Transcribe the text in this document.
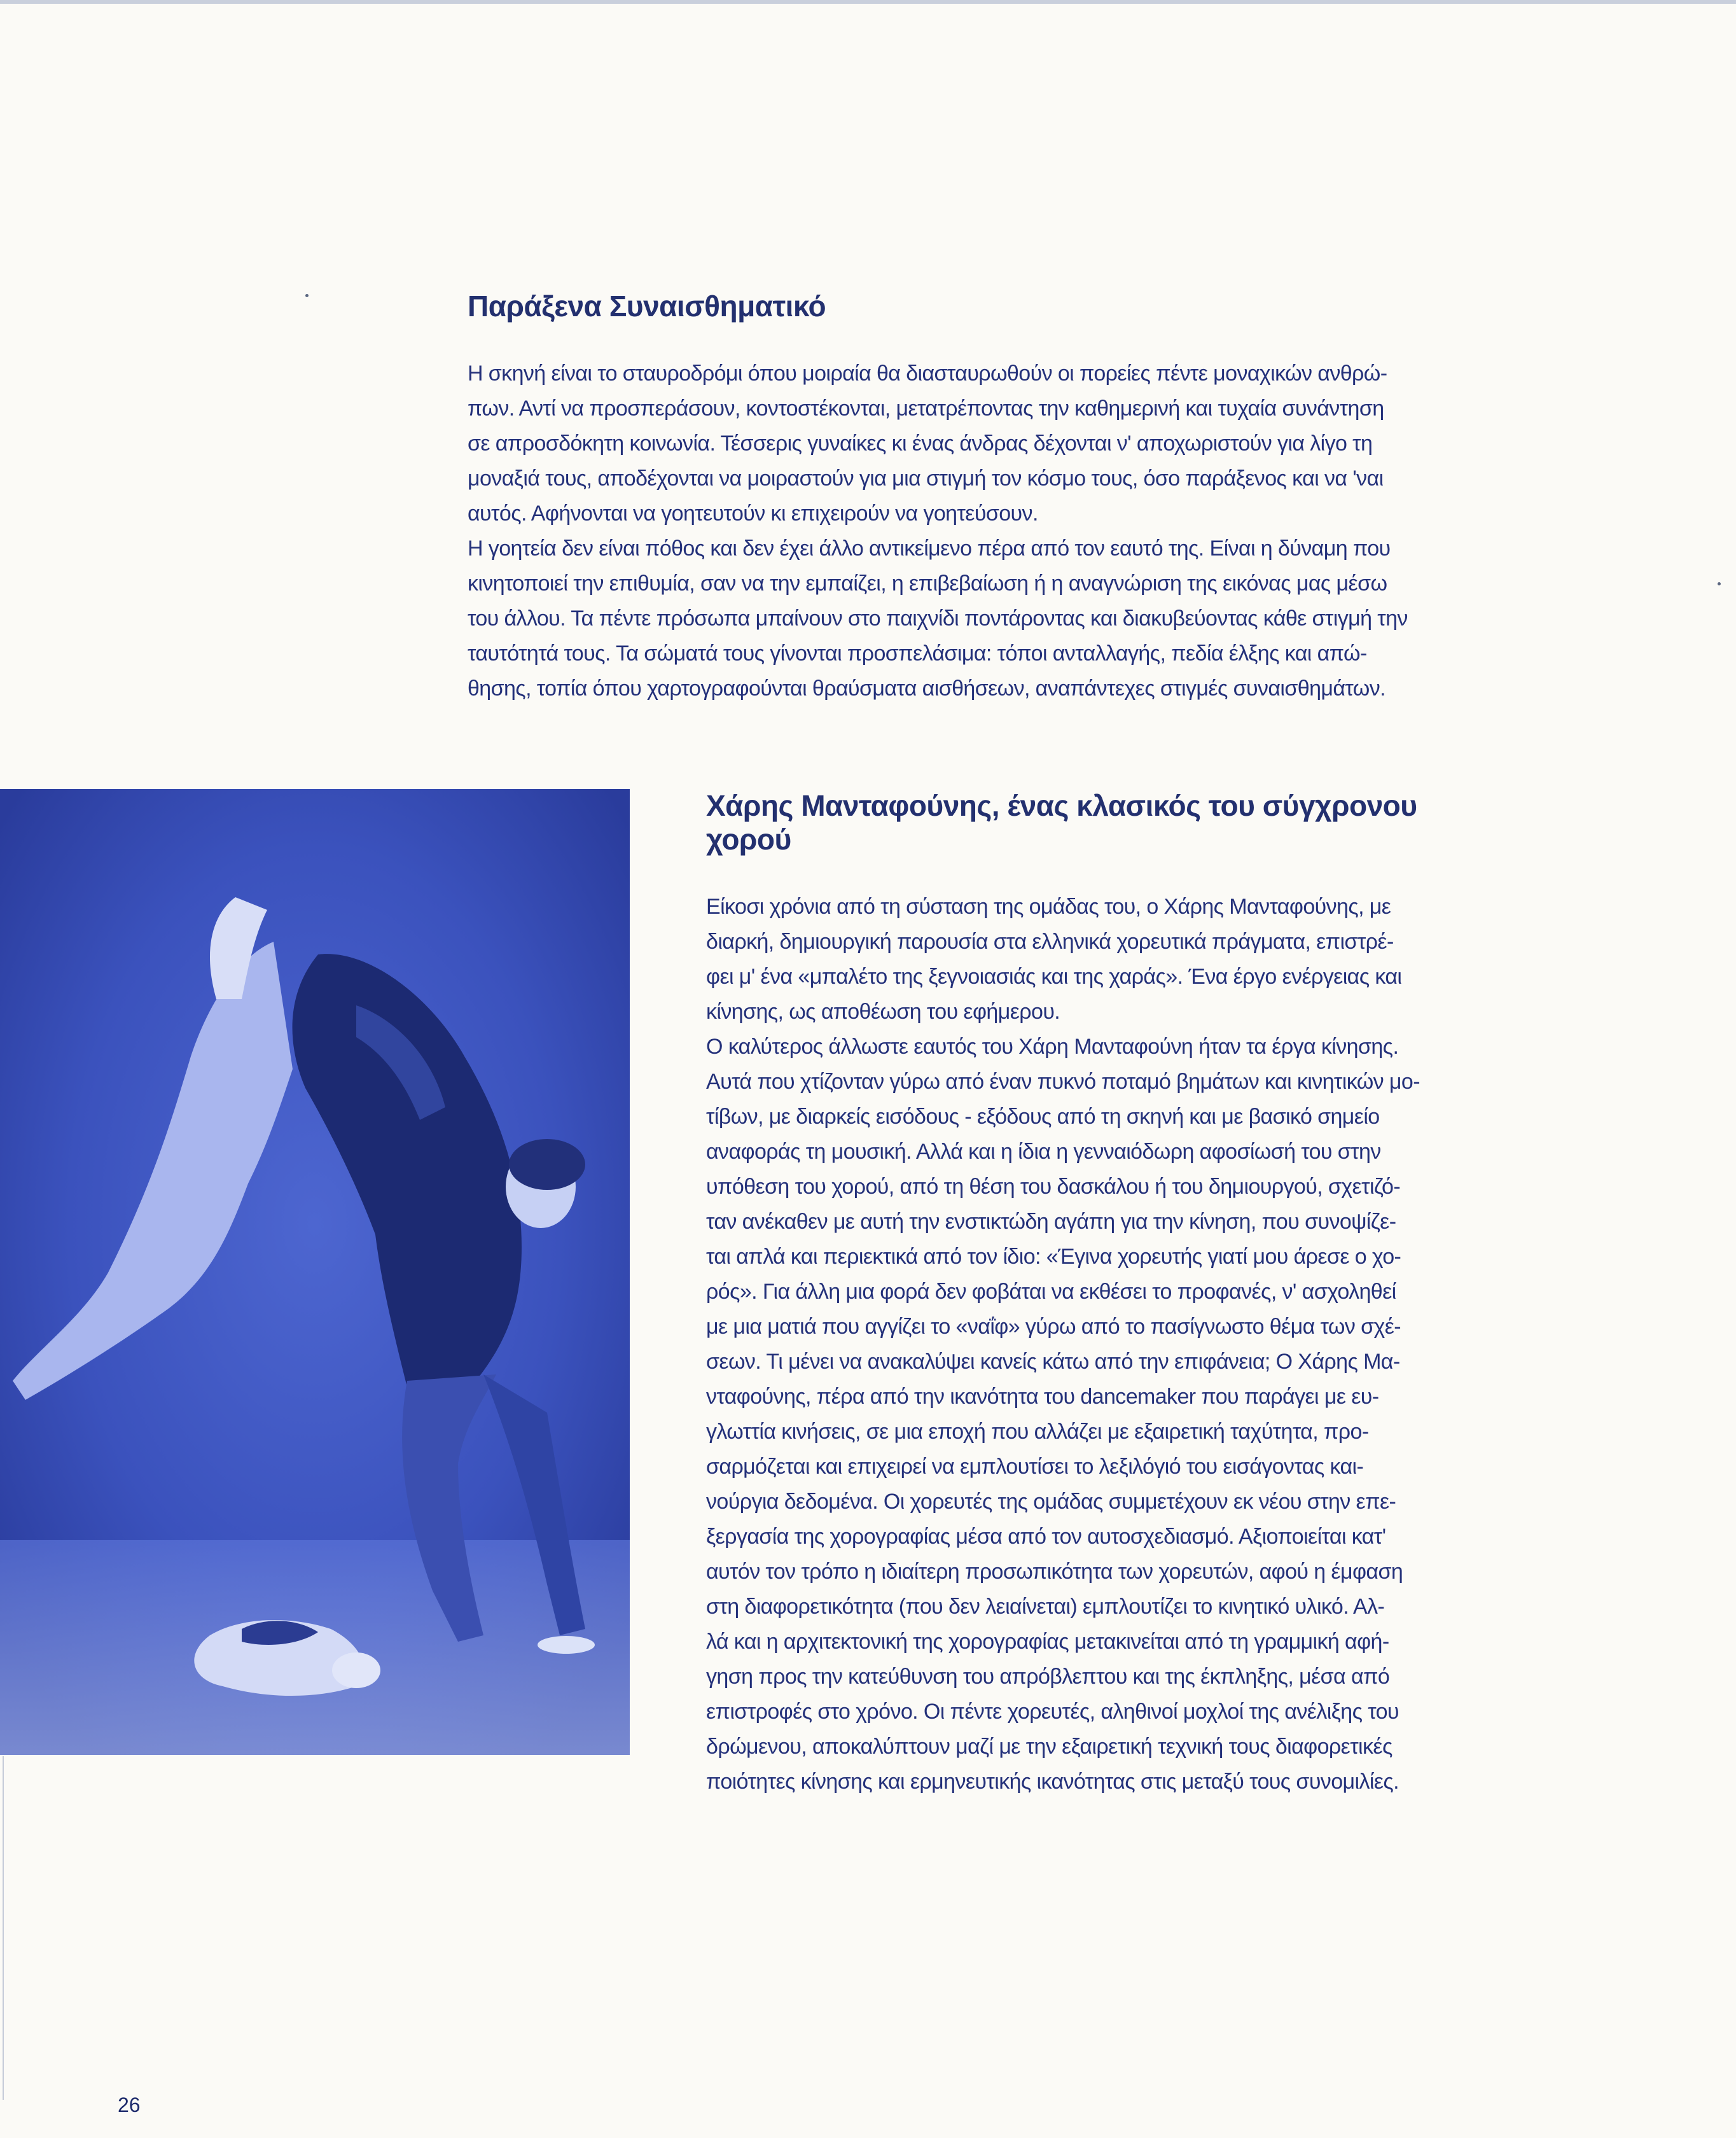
Παράξενα Συναισθηματικό
Η σκηνή είναι το σταυροδρόμι όπου μοιραία θα διασταυρωθούν οι πορείες πέντε μοναχικών ανθρώ-
πων. Αντί να προσπεράσουν, κοντοστέκονται, μετατρέποντας την καθημερινή και τυχαία συνάντηση
σε απροσδόκητη κοινωνία. Τέσσερις γυναίκες κι ένας άνδρας δέχονται ν' αποχωριστούν για λίγο τη
μοναξιά τους, αποδέχονται να μοιραστούν για μια στιγμή τον κόσμο τους, όσο παράξενος και να 'ναι
αυτός. Αφήνονται να γοητευτούν κι επιχειρούν να γοητεύσουν.
Η γοητεία δεν είναι πόθος και δεν έχει άλλο αντικείμενο πέρα από τον εαυτό της. Είναι η δύναμη που
κινητοποιεί την επιθυμία, σαν να την εμπαίζει, η επιβεβαίωση ή η αναγνώριση της εικόνας μας μέσω
του άλλου. Τα πέντε πρόσωπα μπαίνουν στο παιχνίδι ποντάροντας και διακυβεύοντας κάθε στιγμή την
ταυτότητά τους. Τα σώματά τους γίνονται προσπελάσιμα: τόποι ανταλλαγής, πεδία έλξης και απώ-
θησης, τοπία όπου χαρτογραφούνται θραύσματα αισθήσεων, αναπάντεχες στιγμές συναισθημάτων.
Χάρης Μανταφούνης, ένας κλασικός του σύγχρονου χορού
Είκοσι χρόνια από τη σύσταση της ομάδας του, ο Χάρης Μανταφούνης, με
διαρκή, δημιουργική παρουσία στα ελληνικά χορευτικά πράγματα, επιστρέ-
φει μ' ένα «μπαλέτο της ξεγνοιασιάς και της χαράς». Ένα έργο ενέργειας και
κίνησης, ως αποθέωση του εφήμερου.
Ο καλύτερος άλλωστε εαυτός του Χάρη Μανταφούνη ήταν τα έργα κίνησης.
Αυτά που χτίζονταν γύρω από έναν πυκνό ποταμό βημάτων και κινητικών μο-
τίβων, με διαρκείς εισόδους - εξόδους από τη σκηνή και με βασικό σημείο
αναφοράς τη μουσική. Αλλά και η ίδια η γενναιόδωρη αφοσίωσή του στην
υπόθεση του χορού, από τη θέση του δασκάλου ή του δημιουργού, σχετιζό-
ταν ανέκαθεν με αυτή την ενστικτώδη αγάπη για την κίνηση, που συνοψίζε-
ται απλά και περιεκτικά από τον ίδιο: «Έγινα χορευτής γιατί μου άρεσε ο χο-
ρός». Για άλλη μια φορά δεν φοβάται να εκθέσει το προφανές, ν' ασχοληθεί
με μια ματιά που αγγίζει το «ναΐφ» γύρω από το πασίγνωστο θέμα των σχέ-
σεων. Τι μένει να ανακαλύψει κανείς κάτω από την επιφάνεια; Ο Χάρης Μα-
νταφούνης, πέρα από την ικανότητα του dancemaker που παράγει με ευ-
γλωττία κινήσεις, σε μια εποχή που αλλάζει με εξαιρετική ταχύτητα, προ-
σαρμόζεται και επιχειρεί να εμπλουτίσει το λεξιλόγιό του εισάγοντας και-
νούργια δεδομένα. Οι χορευτές της ομάδας συμμετέχουν εκ νέου στην επε-
ξεργασία της χορογραφίας μέσα από τον αυτοσχεδιασμό. Αξιοποιείται κατ'
αυτόν τον τρόπο η ιδιαίτερη προσωπικότητα των χορευτών, αφού η έμφαση
στη διαφορετικότητα (που δεν λειαίνεται) εμπλουτίζει το κινητικό υλικό. Αλ-
λά και η αρχιτεκτονική της χορογραφίας μετακινείται από τη γραμμική αφή-
γηση προς την κατεύθυνση του απρόβλεπτου και της έκπληξης, μέσα από
επιστροφές στο χρόνο. Οι πέντε χορευτές, αληθινοί μοχλοί της ανέλιξης του
δρώμενου, αποκαλύπτουν μαζί με την εξαιρετική τεχνική τους διαφορετικές
ποιότητες κίνησης και ερμηνευτικής ικανότητας στις μεταξύ τους συνομιλίες.
26
